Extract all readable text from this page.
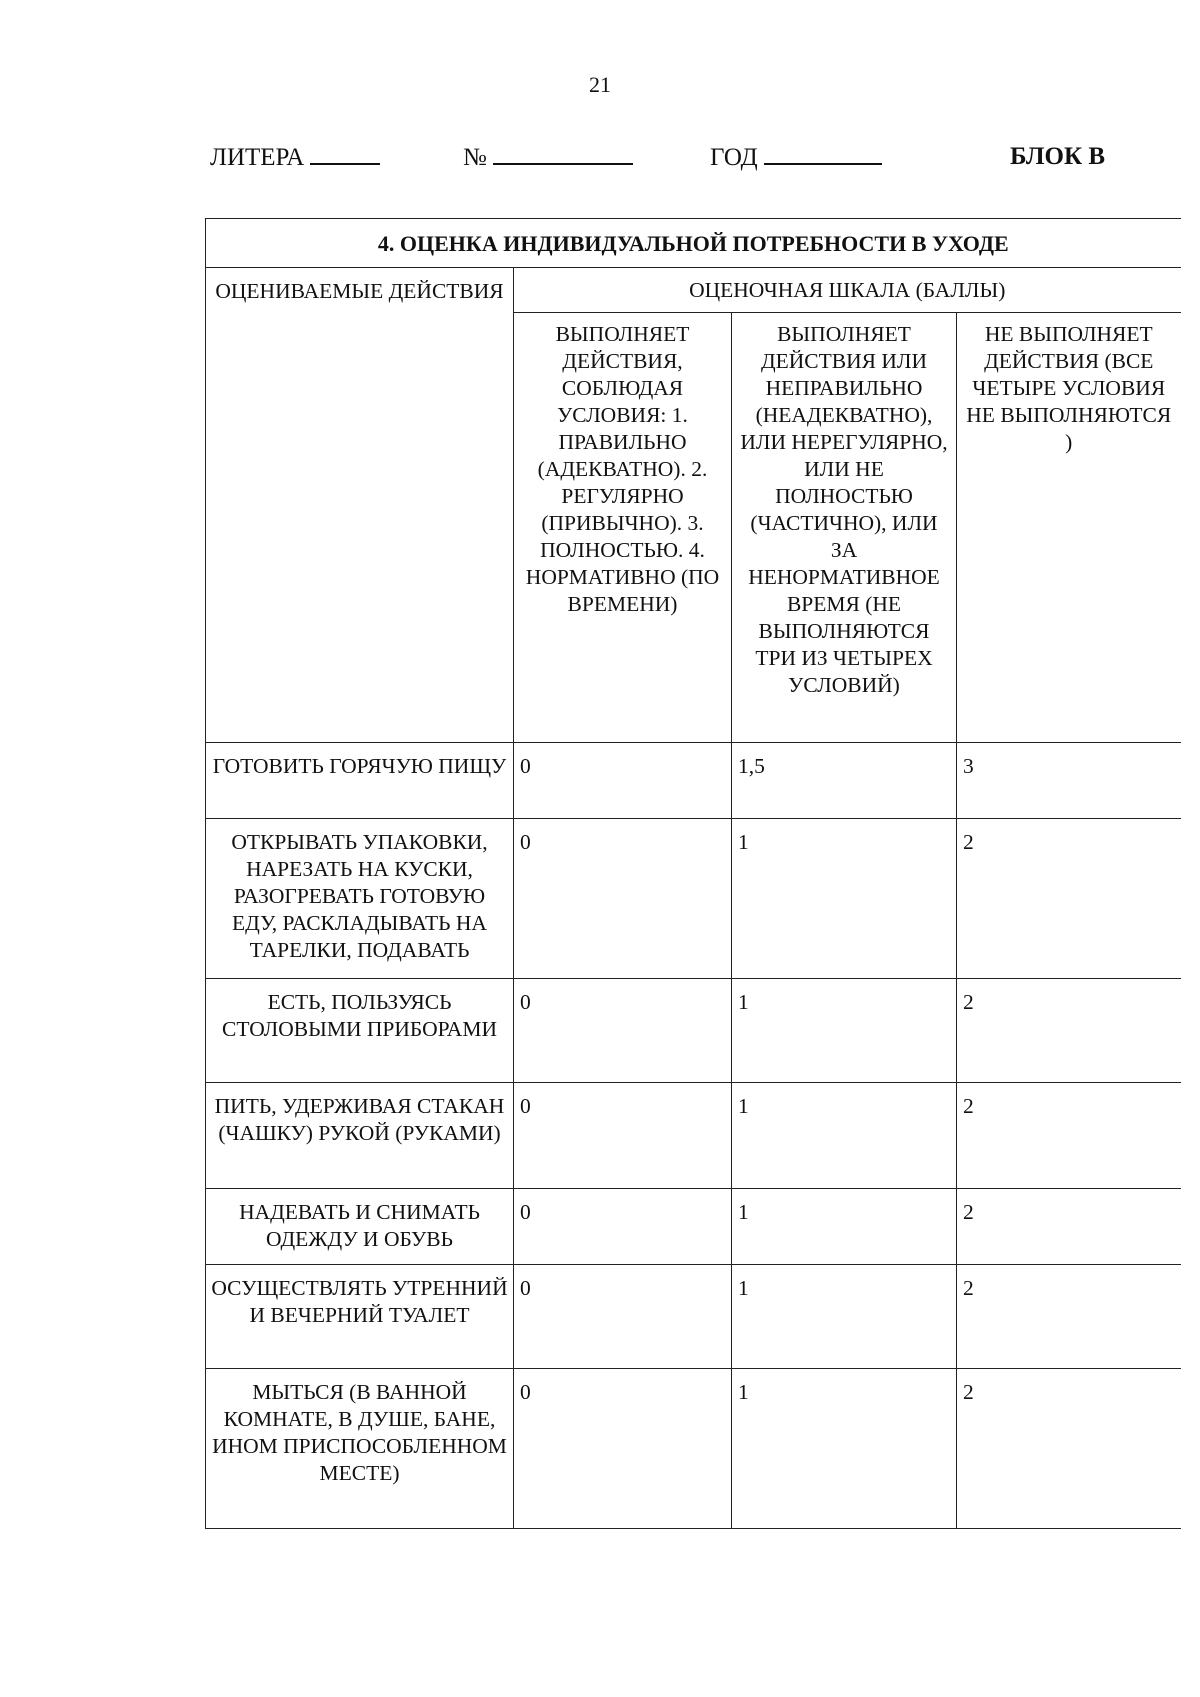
21
ЛИТЕРА	№	ГОД	БЛОК В
4. ОЦЕНКА ИНДИВИДУАЛЬНОЙ ПОТРЕБНОСТИ В УХОДЕ			
ОЦЕНИВАЕМЫЕ ДЕЙСТВИЯ	ОЦЕНОЧНАЯ ШКАЛА (БАЛЛЫ)		
	ВЫПОЛНЯЕТ ДЕЙСТВИЯ, СОБЛЮДАЯ УСЛОВИЯ: 1. ПРАВИЛЬНО (АДЕКВАТНО). 2. РЕГУЛЯРНО (ПРИВЫЧНО). 3. ПОЛНОСТЬЮ. 4. НОРМАТИВНО (ПО ВРЕМЕНИ)	ВЫПОЛНЯЕТ ДЕЙСТВИЯ ИЛИ НЕПРАВИЛЬНО (НЕАДЕКВАТНО), ИЛИ НЕРЕГУЛЯРНО, ИЛИ НЕ ПОЛНОСТЬЮ (ЧАСТИЧНО), ИЛИ ЗА НЕНОРМАТИВНОЕ ВРЕМЯ (НЕ ВЫПОЛНЯЮТСЯ ТРИ ИЗ ЧЕТЫРЕХ УСЛОВИЙ)	НЕ ВЫПОЛНЯЕТ ДЕЙСТВИЯ (ВСЕ ЧЕТЫРЕ УСЛОВИЯ НЕ ВЫПОЛНЯЮТСЯ )
ГОТОВИТЬ ГОРЯЧУЮ ПИЩУ	0	1,5	3
ОТКРЫВАТЬ УПАКОВКИ, НАРЕЗАТЬ НА КУСКИ, РАЗОГРЕВАТЬ ГОТОВУЮ ЕДУ, РАСКЛАДЫВАТЬ НА ТАРЕЛКИ, ПОДАВАТЬ	0	1	2
ЕСТЬ, ПОЛЬЗУЯСЬ СТОЛОВЫМИ ПРИБОРАМИ	0	1	2
ПИТЬ, УДЕРЖИВАЯ СТАКАН (ЧАШКУ) РУКОЙ (РУКАМИ)	0	1	2
НАДЕВАТЬ И СНИМАТЬ ОДЕЖДУ И ОБУВЬ	0	1	2
ОСУЩЕСТВЛЯТЬ УТРЕННИЙ И ВЕЧЕРНИЙ ТУАЛЕТ	0	1	2
МЫТЬСЯ (В ВАННОЙ КОМНАТЕ, В ДУШЕ, БАНЕ, ИНОМ ПРИСПОСОБЛЕННОМ МЕСТЕ)	0	1	2
